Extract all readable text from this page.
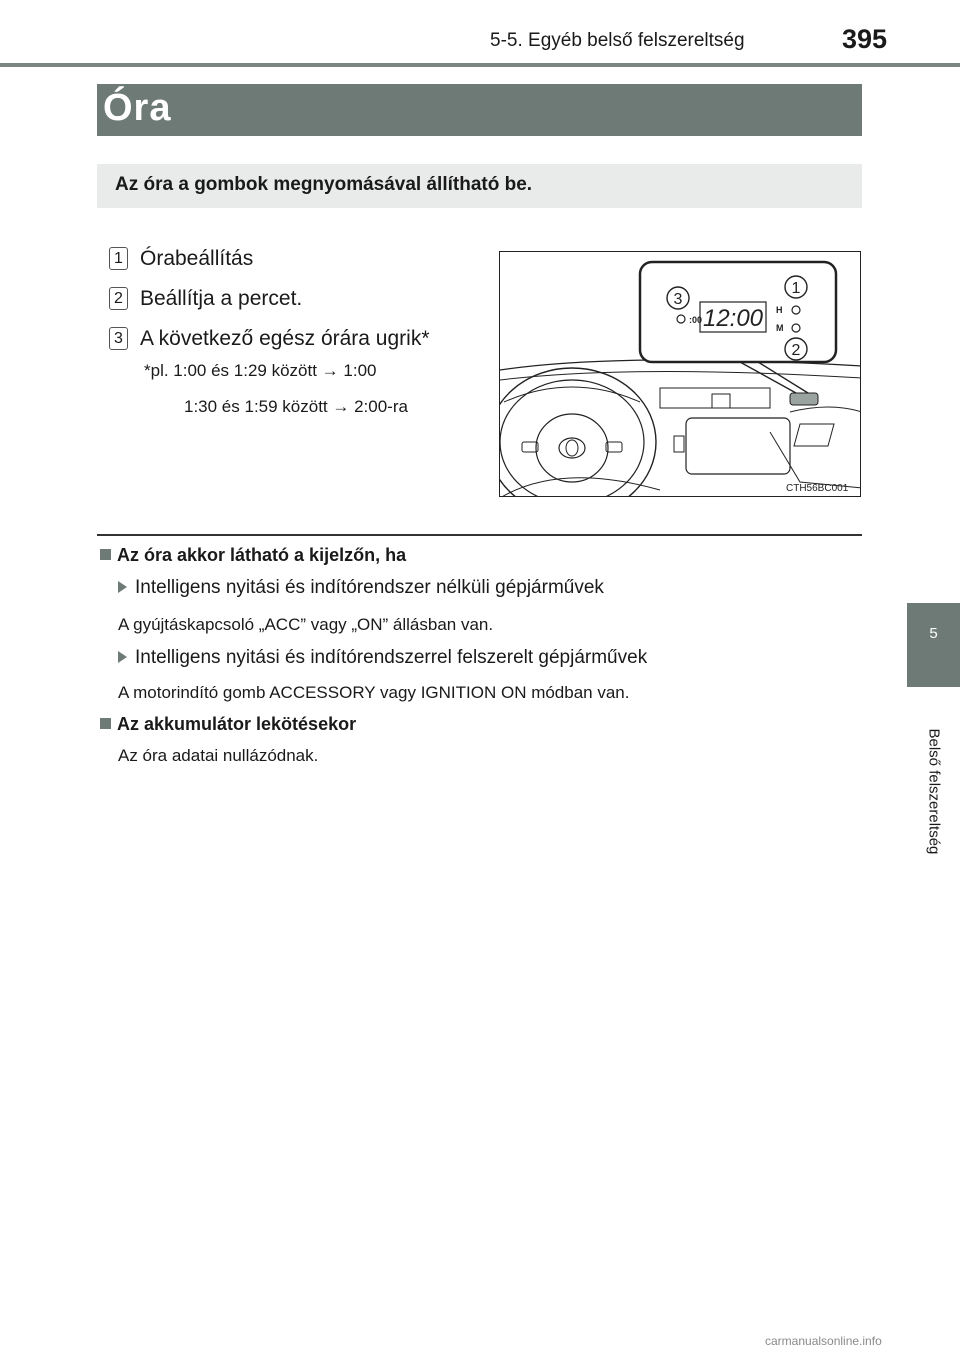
5-5. Egyéb belső felszereltség	395
5
Belső felszereltség
Óra
Az óra a gombok megnyomásával állítható be.
1 Órabeállítás
2 Beállítja a percet.
3 A következő egész órára ugrik*
*pl. 1:00 és 1:29 között → 1:00
1:30 és 1:59 között → 2:00-ra
12:00
:00
H
M
1
2
3
CTH56BC001
Az óra akkor látható a kijelzőn, ha
Intelligens nyitási és indítórendszer nélküli gépjárművek
A gyújtáskapcsoló „ACC” vagy „ON” állásban van.
Intelligens nyitási és indítórendszerrel felszerelt gépjárművek
A motorindító gomb ACCESSORY vagy IGNITION ON módban van.
Az akkumulátor lekötésekor
Az óra adatai nullázódnak.
carmanualsonline.info
